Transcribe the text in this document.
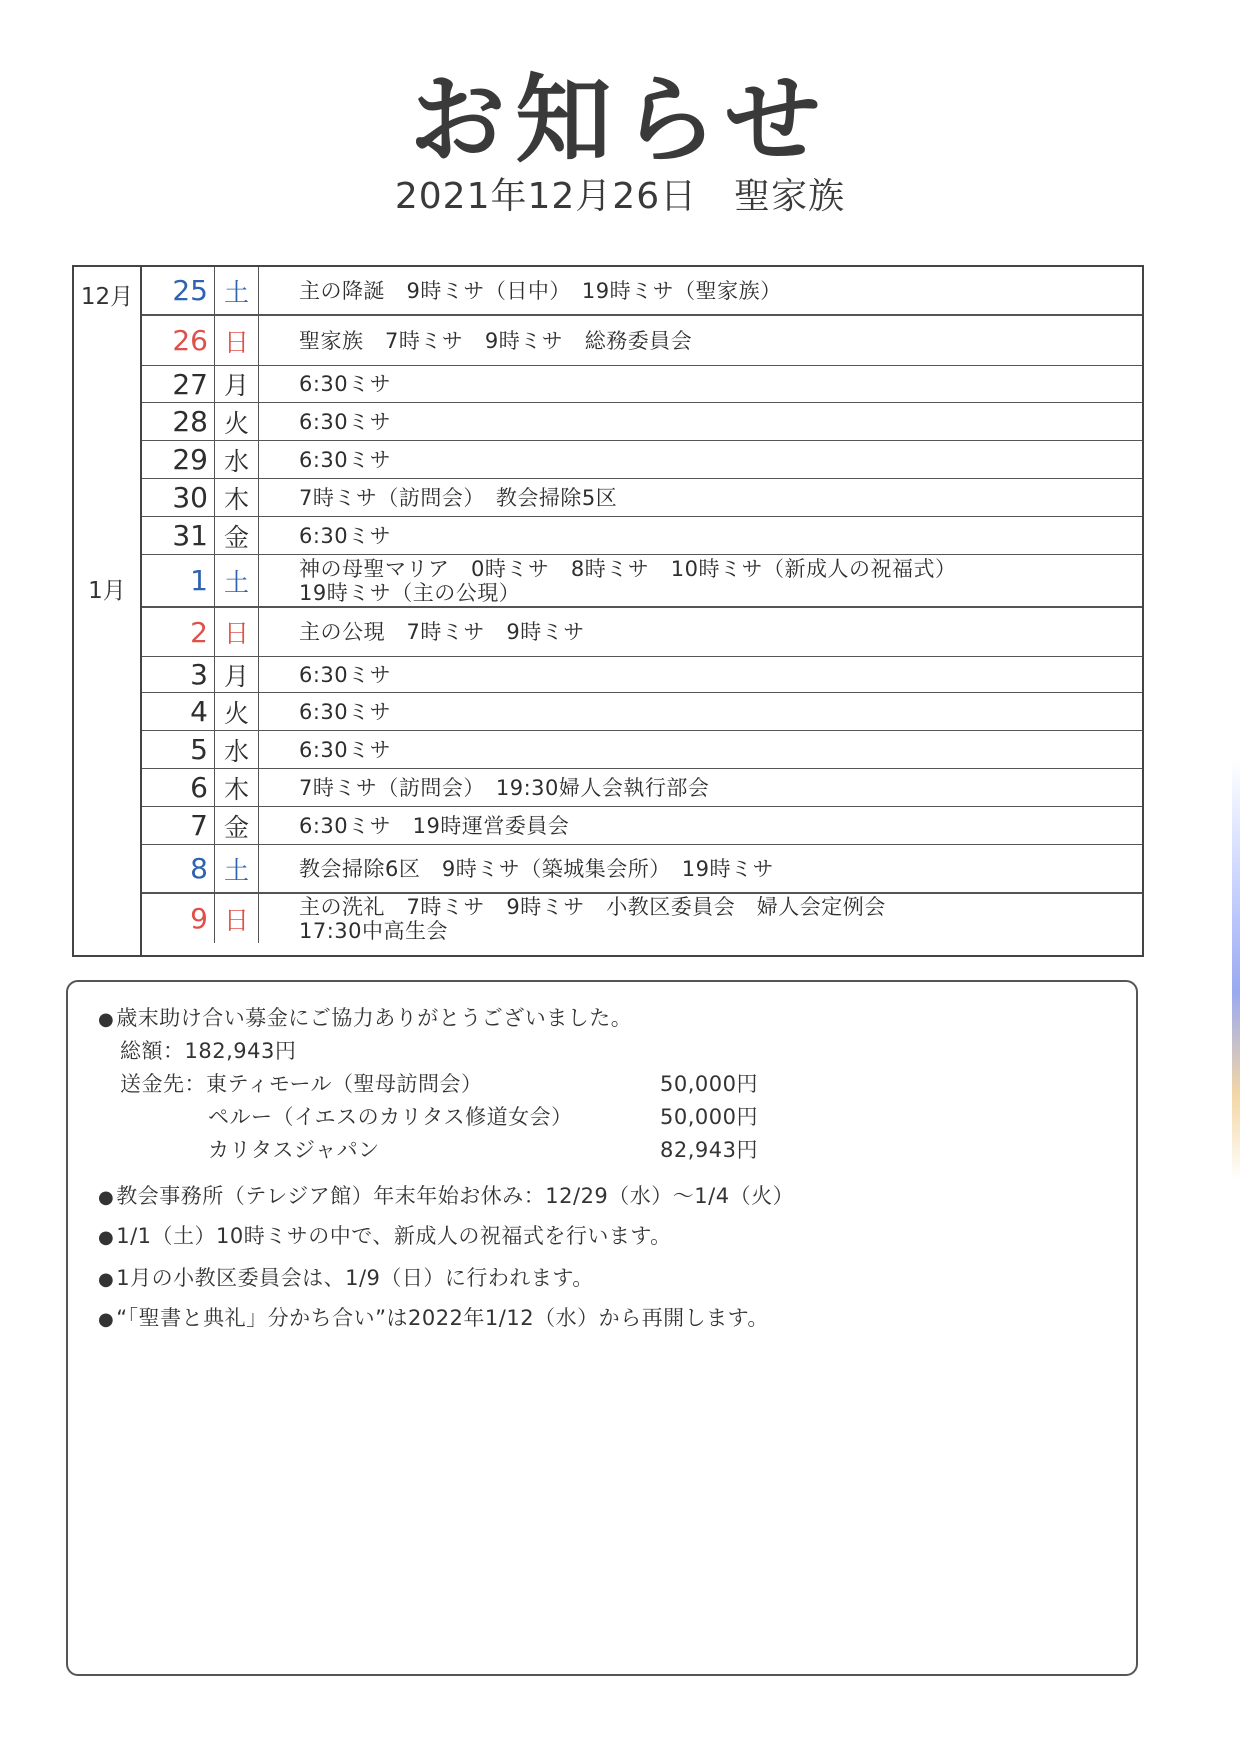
お知らせ
2021年12月26日　聖家族
12月
1月
25 土	主の降誕　9時ミサ（日中）　19時ミサ（聖家族）
26 日	聖家族　7時ミサ　9時ミサ　総務委員会
27 月	6:30ミサ
28 火	6:30ミサ
29 水	6:30ミサ
30 木	7時ミサ（訪問会）　教会掃除5区
31 金	6:30ミサ
1 土	神の母聖マリア　0時ミサ　8時ミサ　10時ミサ（新成人の祝福式）
19時ミサ（主の公現）
2 日	主の公現　7時ミサ　9時ミサ
3 月	6:30ミサ
4 火	6:30ミサ
5 水	6:30ミサ
6 木	7時ミサ（訪問会）　19:30婦人会執行部会
7 金	6:30ミサ　19時運営委員会
8 土	教会掃除6区　9時ミサ（築城集会所）　19時ミサ
9 日	主の洗礼　7時ミサ　9時ミサ　小教区委員会　婦人会定例会
17:30中高生会
●歳末助け合い募金にご協力ありがとうございました。
総額：182,943円
送金先：東ティモール（聖母訪問会）	50,000円
ペルー（イエスのカリタス修道女会）	50,000円
カリタスジャパン	82,943円
●教会事務所（テレジア館）年末年始お休み：12/29（水）～1/4（火）
●1/1（土）10時ミサの中で、新成人の祝福式を行います。
●1月の小教区委員会は、1/9（日）に行われます。
●“「聖書と典礼」分かち合い”は2022年1/12（水）から再開します。
